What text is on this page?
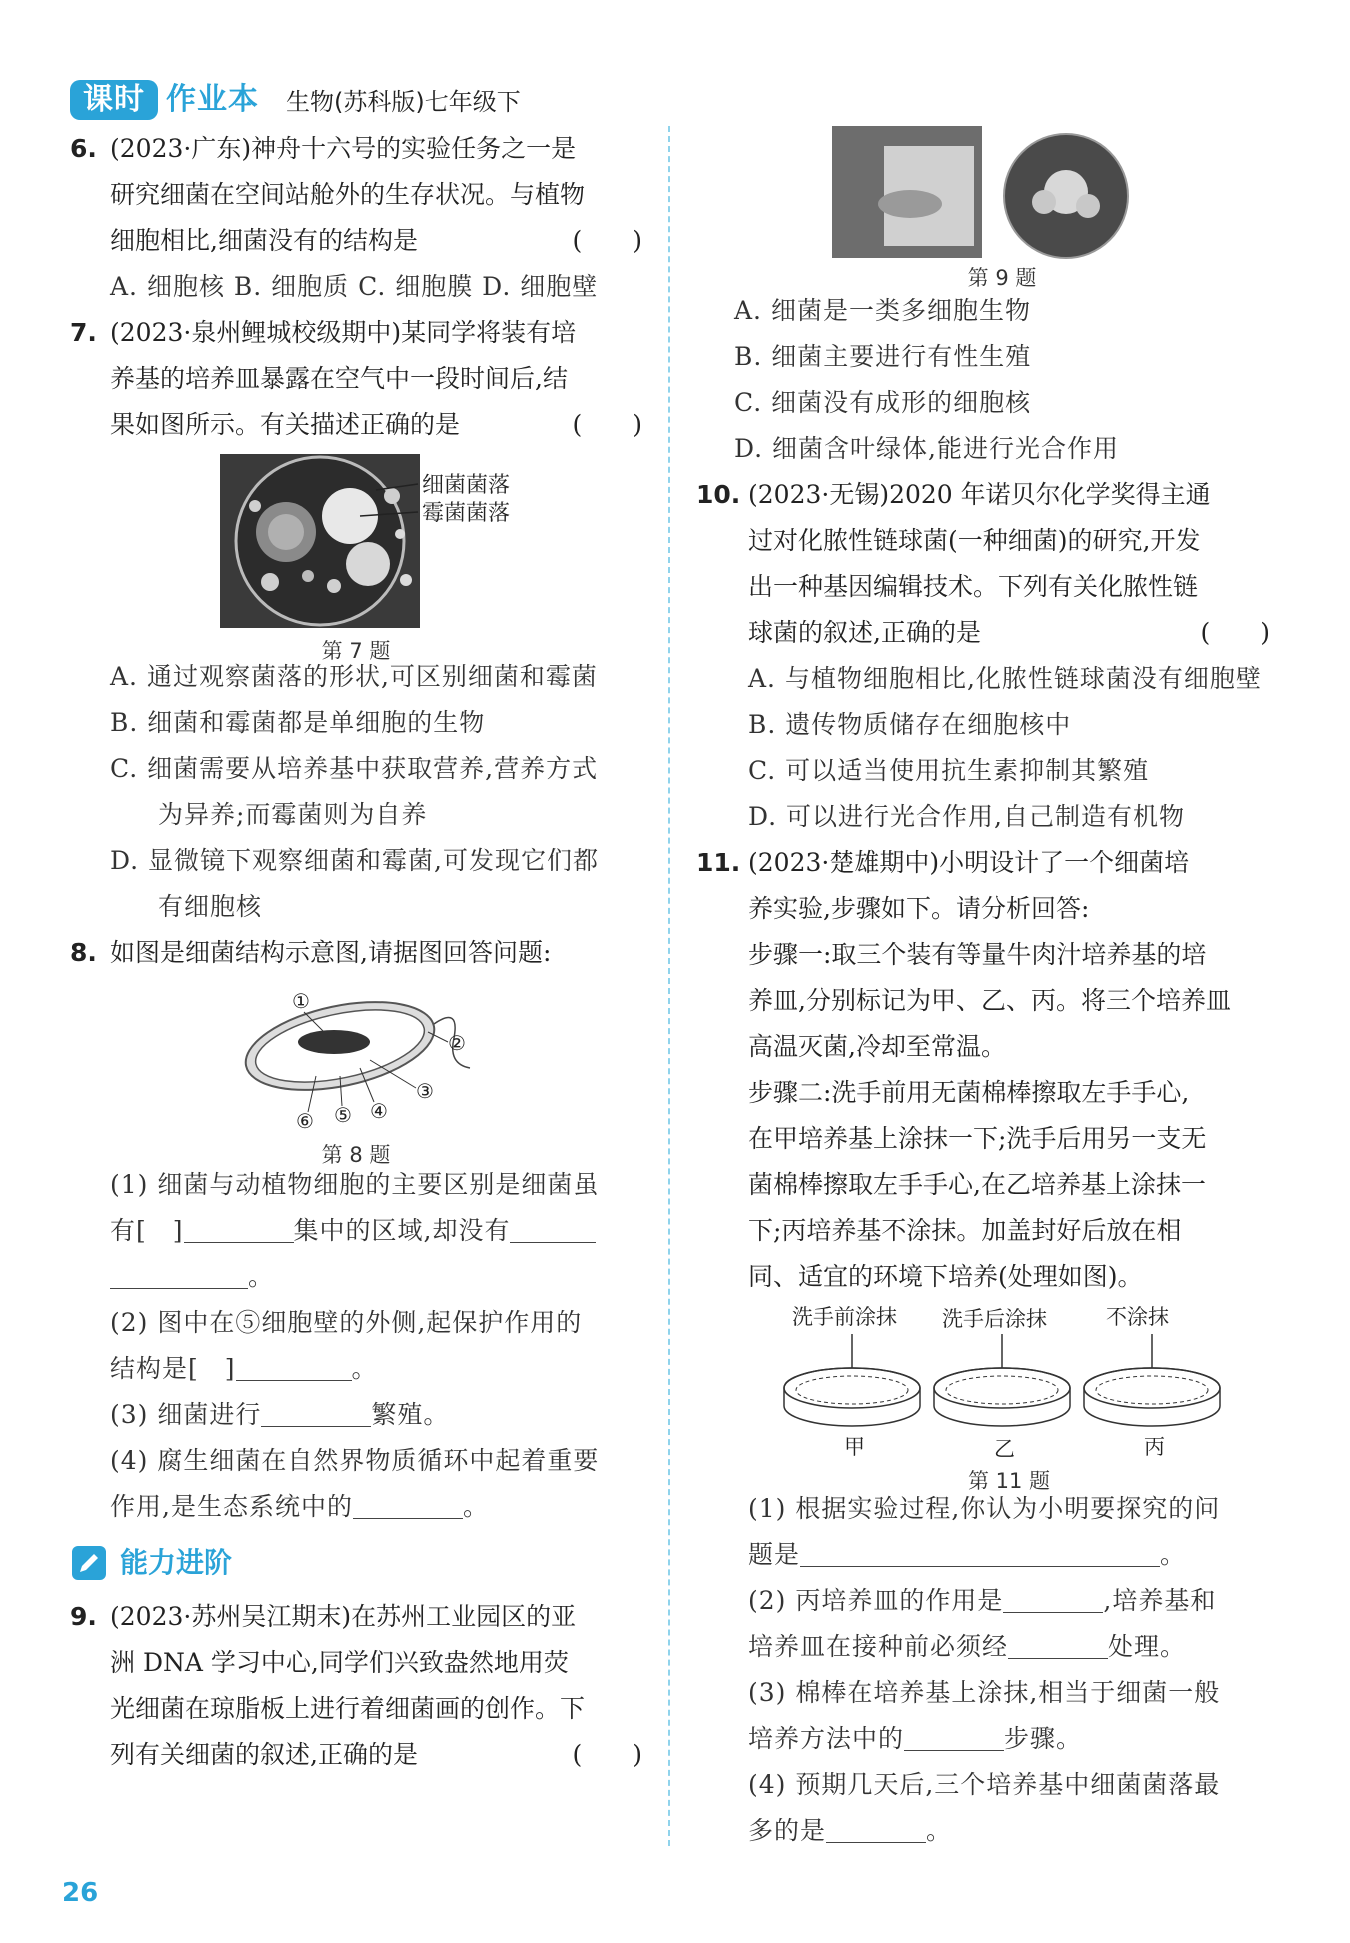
课时 作业本 生物(苏科版)七年级下
6. (2023·广东)神舟十六号的实验任务之一是
研究细菌在空间站舱外的生存状况。与植物
细胞相比,细菌没有的结构是	(　　)
A. 细胞核 B. 细胞质 C. 细胞膜 D. 细胞壁
7. (2023·泉州鲤城校级期中)某同学将装有培
养基的培养皿暴露在空气中一段时间后,结
果如图所示。有关描述正确的是	(　　)
细菌菌落
霉菌菌落
第 7 题
A. 通过观察菌落的形状,可区别细菌和霉菌
B. 细菌和霉菌都是单细胞的生物
C. 细菌需要从培养基中获取营养,营养方式
为异养;而霉菌则为自养
D. 显微镜下观察细菌和霉菌,可发现它们都
有细胞核
8. 如图是细菌结构示意图,请据图回答问题:
①
②
③
④
⑤
⑥
第 8 题
(1) 细菌与动植物细胞的主要区别是细菌虽
有[　]	集中的区域,却没有
。
(2) 图中在⑤细胞壁的外侧,起保护作用的
结构是[　]	。
(3) 细菌进行	繁殖。
(4) 腐生细菌在自然界物质循环中起着重要
作用,是生态系统中的	。
能力进阶
9. (2023·苏州吴江期末)在苏州工业园区的亚
洲 DNA 学习中心,同学们兴致盎然地用荧
光细菌在琼脂板上进行着细菌画的创作。下
列有关细菌的叙述,正确的是	(　　)
第 9 题
A. 细菌是一类多细胞生物
B. 细菌主要进行有性生殖
C. 细菌没有成形的细胞核
D. 细菌含叶绿体,能进行光合作用
10. (2023·无锡)2020 年诺贝尔化学奖得主通
过对化脓性链球菌(一种细菌)的研究,开发
出一种基因编辑技术。下列有关化脓性链
球菌的叙述,正确的是	(　　)
A. 与植物细胞相比,化脓性链球菌没有细胞壁
B. 遗传物质储存在细胞核中
C. 可以适当使用抗生素抑制其繁殖
D. 可以进行光合作用,自己制造有机物
11. (2023·楚雄期中)小明设计了一个细菌培
养实验,步骤如下。请分析回答:
步骤一:取三个装有等量牛肉汁培养基的培
养皿,分别标记为甲、乙、丙。将三个培养皿
高温灭菌,冷却至常温。
步骤二:洗手前用无菌棉棒擦取左手手心,
在甲培养基上涂抹一下;洗手后用另一支无
菌棉棒擦取左手手心,在乙培养基上涂抹一
下;丙培养基不涂抹。加盖封好后放在相
同、适宜的环境下培养(处理如图)。
洗手前涂抹 洗手后涂抹	不涂抹
甲	乙	丙
第 11 题
(1) 根据实验过程,你认为小明要探究的问
题是	。
(2) 丙培养皿的作用是	,培养基和
培养皿在接种前必须经	处理。
(3) 棉棒在培养基上涂抹,相当于细菌一般
培养方法中的	步骤。
(4) 预期几天后,三个培养基中细菌菌落最
多的是	。
26
